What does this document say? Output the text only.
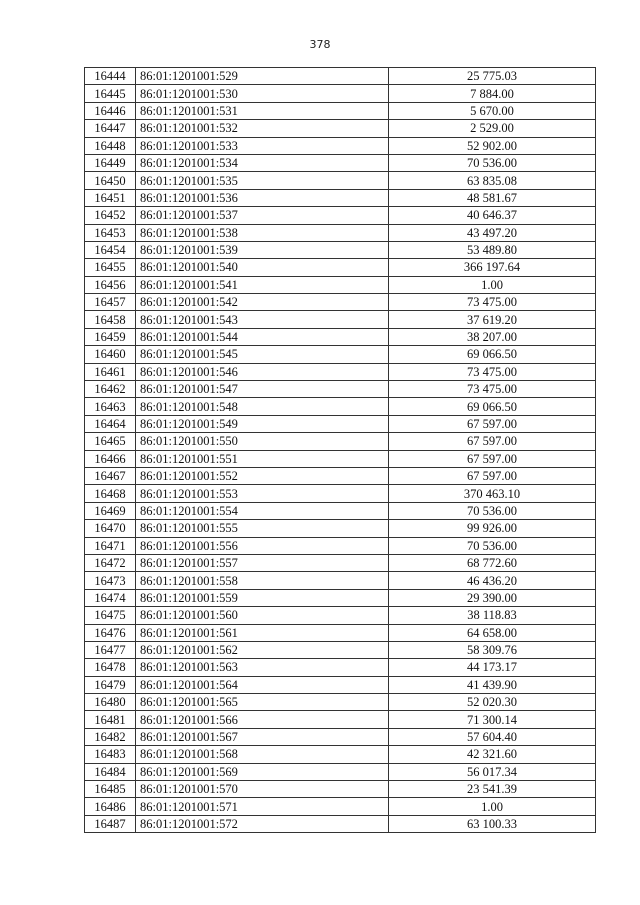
378
16444	86:01:1201001:529	25 775.03
16445	86:01:1201001:530	7 884.00
16446	86:01:1201001:531	5 670.00
16447	86:01:1201001:532	2 529.00
16448	86:01:1201001:533	52 902.00
16449	86:01:1201001:534	70 536.00
16450	86:01:1201001:535	63 835.08
16451	86:01:1201001:536	48 581.67
16452	86:01:1201001:537	40 646.37
16453	86:01:1201001:538	43 497.20
16454	86:01:1201001:539	53 489.80
16455	86:01:1201001:540	366 197.64
16456	86:01:1201001:541	1.00
16457	86:01:1201001:542	73 475.00
16458	86:01:1201001:543	37 619.20
16459	86:01:1201001:544	38 207.00
16460	86:01:1201001:545	69 066.50
16461	86:01:1201001:546	73 475.00
16462	86:01:1201001:547	73 475.00
16463	86:01:1201001:548	69 066.50
16464	86:01:1201001:549	67 597.00
16465	86:01:1201001:550	67 597.00
16466	86:01:1201001:551	67 597.00
16467	86:01:1201001:552	67 597.00
16468	86:01:1201001:553	370 463.10
16469	86:01:1201001:554	70 536.00
16470	86:01:1201001:555	99 926.00
16471	86:01:1201001:556	70 536.00
16472	86:01:1201001:557	68 772.60
16473	86:01:1201001:558	46 436.20
16474	86:01:1201001:559	29 390.00
16475	86:01:1201001:560	38 118.83
16476	86:01:1201001:561	64 658.00
16477	86:01:1201001:562	58 309.76
16478	86:01:1201001:563	44 173.17
16479	86:01:1201001:564	41 439.90
16480	86:01:1201001:565	52 020.30
16481	86:01:1201001:566	71 300.14
16482	86:01:1201001:567	57 604.40
16483	86:01:1201001:568	42 321.60
16484	86:01:1201001:569	56 017.34
16485	86:01:1201001:570	23 541.39
16486	86:01:1201001:571	1.00
16487	86:01:1201001:572	63 100.33
